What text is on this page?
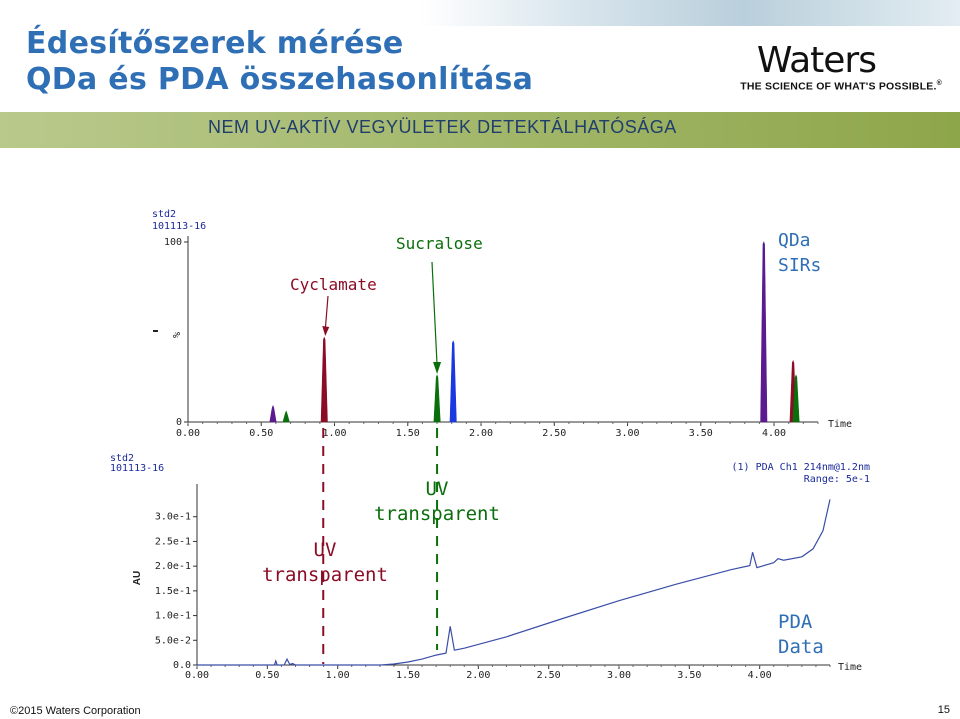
Édesítőszerek mérése
QDa és PDA összehasonlítása	Waters
THE SCIENCE OF WHAT'S POSSIBLE.®
NEM UV-AKTÍV VEGYÜLETEK DETEKTÁLHATÓSÁGA
std2
101113-16
0
100
%
0.00	0.50	1.00	1.50	2.00	2.50	3.00	3.50	4.00
Time
Cyclamate
Sucralose	QDa
SIRs
std2
101113-16	(1) PDA Ch1 214nm@1.2nm
Range: 5e-1
0.0
5.0e-2
1.0e-1
1.5e-1
2.0e-1
2.5e-1
3.0e-1
AU
0.00	0.50	1.00	1.50	2.00	2.50	3.00	3.50	4.00
Time
UV
transparent
UV
transparent
PDA
Data
©2015 Waters Corporation	15
